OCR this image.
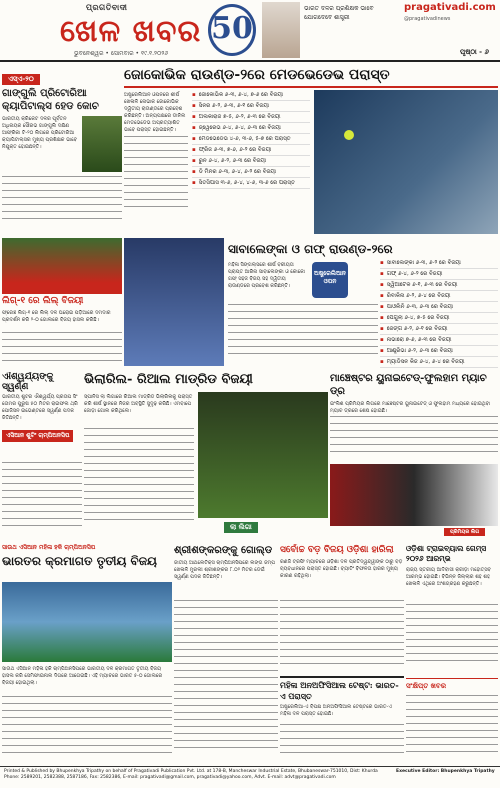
ପ୍ରଗତିବାଦୀ
ଖେଳ ଖବର
ଭୁବନେଶ୍ୱର • ସୋମବାର • ୧୯.୧.୨୦୨୬
50
ଭାରତ ଦଳର ପ୍ରଶିକ୍ଷକ ଭାବେ ଯୋଗଦେବେ ଶାସ୍ତ୍ରୀ
pragativadi.com
@pragativadinews
ପୃଷ୍ଠା - ୬
ଏସ୍‌ଏ-୨୦
ଗାଙ୍ଗୁଲି ପ୍ରିଟୋରିଆ କ୍ୟାପିଟାଲ୍ସ ହେଡ କୋଚ
ଭାରତୀୟ କ୍ରିକେଟ ଦଳର ପୂର୍ବତନ ଅଧିନାୟକ ସୌରଭ ଗାଙ୍ଗୁଲି ଦକ୍ଷିଣ ଆଫ୍ରିକା ଟି-୨୦ ଲିଗରେ ପ୍ରିଟୋରିଆ କ୍ୟାପିଟାଲ୍ସର ମୁଖ୍ୟ ପ୍ରଶିକ୍ଷକ ଭାବେ ନିଯୁକ୍ତ ହୋଇଛନ୍ତି।
ଜୋକୋଭିକ ରାଉଣ୍ଡ-୨ରେ ମେଡଭେଡେଭ ପରାସ୍ତ
ଅଷ୍ଟ୍ରେଲିଆନ ଓପନରେ ଶୀର୍ଷ ଖେଳାଳି ନୋଭାକ ଜୋକୋଭିକ ଦ୍ୱିତୀୟ ରାଉଣ୍ଡରେ ପ୍ରବେଶ କରିଛନ୍ତି। ଅନ୍ୟପକ୍ଷରେ ଡାନିଲ ମେଡଭେଡେଭ ଅପ୍ରତ୍ୟାଶିତ ଭାବେ ପରାସ୍ତ ହୋଇଛନ୍ତି।
▪ ଜୋକୋଭିକ ୬-୩, ୬-୪, ୭-୬ ରେ ବିଜୟୀ
▪ ସିନର ୬-୨, ୬-୩, ୬-୧ ରେ ବିଜୟୀ
▪ ଅଲକାରାଜ ୭-୫, ୬-୨, ୬-୩ ରେ ବିଜୟୀ
▪ ଜ୍ୱେରେଭ ୬-୪, ୬-୪, ୬-୩ ରେ ବିଜୟୀ
▪ ମେଡଭେଡେଭ ୪-୬, ୩-୬, ୫-୭ ରେ ପରାସ୍ତ
▪ ଫ୍ରିଜ ୬-୩, ୭-୬, ୬-୨ ରେ ବିଜୟୀ
▪ ରୁନ ୬-୪, ୬-୨, ୬-୩ ରେ ବିଜୟୀ
▪ ଡି ମିନର ୬-୩, ୬-୪, ୬-୨ ରେ ବିଜୟୀ
▪ ସିତସିପାସ ୩-୬, ୬-୪, ୪-୬, ୩-୬ ରେ ପରାସ୍ତ
ଲିଗ୍-୧ ରେ ଲିଲ୍‌ ବିଜୟୀ
ଫ୍ରେଞ୍ଚ ଲିଗ୍-୧ ରେ ଲିଲ୍‌ ଦଳ ଘରୋଇ ପଡ଼ିଆରେ ଦମଦାର ପ୍ରଦର୍ଶନ କରି ୨-୦ ଗୋଲରେ ବିଜୟ ହାସଲ କରିଛି।
ସାବାଲେଙ୍କା ଓ ଗଫ୍‌ ରାଉଣ୍ଡ-୨ରେ
ମହିଳା ସିଙ୍ଗଲ୍ସରେ ଶୀର୍ଷ ବରୀୟତା ପ୍ରାପ୍ତ ଆରିନା ସାବାଲେଙ୍କା ଓ କୋକୋ ଗଫ୍‌ ସହଜ ବିଜୟ ସହ ଦ୍ୱିତୀୟ ରାଉଣ୍ଡରେ ପ୍ରବେଶ କରିଛନ୍ତି।
ଅଷ୍ଟ୍ରେଲିଆନ ଓପନ
▪ ସାବାଲେଙ୍କା ୬-୩, ୬-୨ ରେ ବିଜୟୀ
▪ ଗଫ୍‌ ୬-୪, ୬-୨ ରେ ବିଜୟୀ
▪ ସ୍ୱିଆଟେକ ୬-୧, ୬-୩ ରେ ବିଜୟୀ
▪ ରିବାକିନା ୬-୨, ୬-୪ ରେ ବିଜୟୀ
▪ ପାଓଲିନି ୬-୩, ୬-୩ ରେ ବିଜୟୀ
▪ ପେଗୁଲା ୬-୪, ୭-୫ ରେ ବିଜୟୀ
▪ ଜେଙ୍ଗ ୬-୨, ୬-୧ ରେ ବିଜୟୀ
▪ ନାଭାରୋ ୭-୬, ୬-୩ ରେ ବିଜୟୀ
▪ ଆଣ୍ଡ୍ରିଭା ୬-୨, ୬-୩ ରେ ବିଜୟୀ
▪ ମ୍ୟାଡିସନ କିଜ ୬-୪, ୬-୪ ରେ ବିଜୟୀ
ଐଶ୍ୱର୍ଯ୍ୟଙ୍କୁ ସ୍ୱର୍ଣ୍ଣ
ଭାରତୀୟ ଶୁଟର ଐଶ୍ୱର୍ଯ୍ୟ ପ୍ରତାପ ସିଂ ତୋମର ପୁରୁଷ ୫୦ ମିଟର ରାଇଫଲ ଥ୍ରି ପୋଜିସନ ଇଭେଣ୍ଟରେ ସ୍ୱର୍ଣ୍ଣ ପଦକ ଜିତିଛନ୍ତି।
ଏସିଆନ ଶୁଟିଂ ଚାମ୍ପିଅନସିପ
ଭିଲାରିଲ- ରିଆଲ ମାଡ୍ରିଡ ବିଜୟୀ
ସ୍ପାନିସ ଲା ଲିଗାରେ ରିଆଲ ମାଡ୍ରିଡ ଭିଲାରିଲକୁ ପରାସ୍ତ କରି ଶୀର୍ଷ ସ୍ଥାନରେ ନିଜର ଅବସ୍ଥିତି ସୁଦୃଢ଼ କରିଛି। ଏମବାପେ ଜୋଡ଼ା ଗୋଲ କରିଥିଲେ।
ଲା ଲିଗା
ମାଞ୍ଚେଷ୍ଟର ୟୁନାଇଟେଡ୍-ଫୁଲହାମ ମ୍ୟାଚ ଡ୍ର
ଇଂଲିଶ ପ୍ରିମିୟର ଲିଗରେ ମାଞ୍ଚେଷ୍ଟର ୟୁନାଇଟେଡ୍ ଓ ଫୁଲହାମ ମଧ୍ୟରେ ହୋଇଥିବା ମ୍ୟାଚ ଡ୍ରରେ ଶେଷ ହୋଇଛି।
ପ୍ରିମିୟର ଲିଗ
ସାଉଥ ଏସିଆନ ମହିଳା ହକି ଚାମ୍ପିଅନସିପ
ଭାରତର କ୍ରମାଗତ ତୃତୀୟ ବିଜୟ
ସାଉଥ ଏସିଆନ ମହିଳା ହକି ଚାମ୍ପିଅନସିପରେ ଭାରତୀୟ ଦଳ କ୍ରମାଗତ ତୃତୀୟ ବିଜୟ ହାସଲ କରି ସେମିଫାଇନାଲ ଦିଗରେ ଆଗେଇଛି। ଏହି ମ୍ୟାଚରେ ଭାରତ ୫-୦ ଗୋଲରେ ବିଜୟୀ ହୋଇଥିଲା।
ଶ୍ରୀଶଙ୍କରଙ୍କୁ ଗୋଲ୍ଡ
ଜାତୀୟ ଆଥଲେଟିକ୍ସ ଚାମ୍ପିଅନସିପରେ ଲଙ୍ଗ ଜମ୍ପ ଖେଳାଳି ମୁରଲୀ ଶ୍ରୀଶଙ୍କର ୮.୦୨ ମିଟର ଡେଇଁ ସ୍ୱର୍ଣ୍ଣ ପଦକ ଜିତିଛନ୍ତି।
ସର୍ବୋଚ୍ଚ ବଡ଼ ବିଜୟ ଓଡ଼ିଶା ହାରିଲା
ରଣଜି ଟ୍ରଫି ମ୍ୟାଚରେ ଓଡ଼ିଶା ଦଳ ପ୍ରତିଦ୍ୱନ୍ଦ୍ୱୀଙ୍କ ଠାରୁ ବଡ଼ ବ୍ୟବଧାନରେ ପରାସ୍ତ ହୋଇଛି। ବ୍ୟାଟିଂ ବିଫଳତା ହାରର ମୁଖ୍ୟ କାରଣ ରହିଥିଲା।
ଓଡ଼ିଶା ଟ୍ରାଇବ୍ୟାଲ ଗେମ୍ସ ୨୦୨୬ ଆରମ୍ଭ
ରାଜ୍ୟ ସ୍ତରୀୟ ଆଦିବାସୀ କ୍ରୀଡ଼ା ମହୋତ୍ସବ ଆରମ୍ଭ ହୋଇଛି। ବିଭିନ୍ନ ଜିଲ୍ଲାର ଶହ ଶହ ଖେଳାଳି ଏଥିରେ ଅଂଶଗ୍ରହଣ କରୁଛନ୍ତି।
ସଂକ୍ଷିପ୍ତ ଖବର
ମହିଳା ଅନଅଫିସିଆଲ ଟେଷ୍ଟ: ଭାରତ-ଏ ପରାସ୍ତ
ଅଷ୍ଟ୍ରେଲିଆ-ଏ ବିପକ୍ଷ ଅନଅଫିସିଆଲ ଟେଷ୍ଟରେ ଭାରତ-ଏ ମହିଳା ଦଳ ପରାସ୍ତ ହୋଇଛି।
Printed & Published by Bhupenkhya Tripathy on behalf of Pragativadi Publication Pvt. Ltd. at 178-B, Mancheswar Industrial Estate, Bhubaneswar-751010, Dist: Khurda
Phone: 2589201, 2582388, 2587186, Fax: 2582386, E-mail: pragativadi@gmail.com, pragativadi@yahoo.com, Advt. E-mail: advt@pragativadi.com
Executive Editor: Bhupenkhya Tripathy
